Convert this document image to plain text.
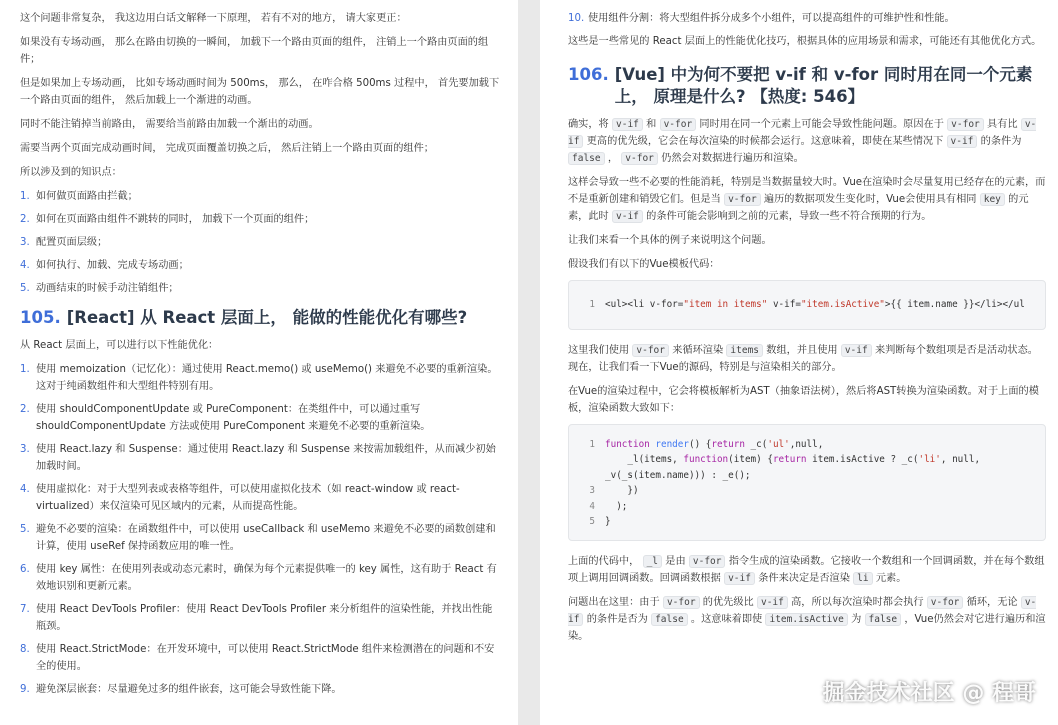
这个问题非常复杂， 我这边用白话文解释一下原理， 若有不对的地方， 请大家更正：

如果没有专场动画， 那么在路由切换的一瞬间， 加载下一个路由页面的组件， 注销上一个路由页面的组件；

但是如果加上专场动画， 比如专场动画时间为 500ms， 那么， 在咋合格 500ms 过程中， 首先要加载下一个路由页面的组件， 然后加载上一个渐进的动画。

同时不能注销掉当前路由， 需要给当前路由加载一个渐出的动画。

需要当两个页面完成动画时间， 完成页面覆盖切换之后， 然后注销上一个路由页面的组件；

所以涉及到的知识点：

1. 如何做页面路由拦截；
2. 如何在页面路由组件不跳转的同时， 加载下一个页面的组件；
3. 配置页面层级；
4. 如何执行、加载、完成专场动画；
5. 动画结束的时候手动注销组件；
105. [React] 从 React 层面上， 能做的性能优化有哪些?

从 React 层面上，可以进行以下性能优化：

1. 使用 memoization（记忆化）：通过使用 React.memo() 或 useMemo() 来避免不必要的重新渲染。这对于纯函数组件和大型组件特别有用。
2. 使用 shouldComponentUpdate 或 PureComponent：在类组件中，可以通过重写 shouldComponentUpdate 方法或使用 PureComponent 来避免不必要的重新渲染。
3. 使用 React.lazy 和 Suspense：通过使用 React.lazy 和 Suspense 来按需加载组件，从而减少初始加载时间。
4. 使用虚拟化：对于大型列表或表格等组件，可以使用虚拟化技术（如 react-window 或 react-virtualized）来仅渲染可见区域内的元素，从而提高性能。
5. 避免不必要的渲染：在函数组件中，可以使用 useCallback 和 useMemo 来避免不必要的函数创建和计算，使用 useRef 保持函数应用的唯一性。
6. 使用 key 属性：在使用列表或动态元素时，确保为每个元素提供唯一的 key 属性，这有助于 React 有效地识别和更新元素。
7. 使用 React DevTools Profiler：使用 React DevTools Profiler 来分析组件的渲染性能，并找出性能瓶颈。
8. 使用 React.StrictMode：在开发环境中，可以使用 React.StrictMode 组件来检测潜在的问题和不安全的使用。
9. 避免深层嵌套：尽量避免过多的组件嵌套，这可能会导致性能下降。
10. 使用组件分割：将大型组件拆分成多个小组件，可以提高组件的可维护性和性能。

这些是一些常见的 React 层面上的性能优化技巧，根据具体的应用场景和需求，可能还有其他优化方式。

106. [Vue] 中为何不要把 v-if 和 v-for 同时用在同一个元素上， 原理是什么? 【热度: 546】

确实，将 v-if 和 v-for 同时用在同一个元素上可能会导致性能问题。原因在于 v-for 具有比 v-if 更高的优先级，它会在每次渲染的时候都会运行。这意味着，即使在某些情况下 v-if 的条件为 false ， v-for 仍然会对数据进行遍历和渲染。

这样会导致一些不必要的性能消耗，特别是当数据量较大时。Vue在渲染时会尽量复用已经存在的元素，而不是重新创建和销毁它们。但是当 v-for 遍历的数据项发生变化时，Vue会使用具有相同 key 的元素，此时 v-if 的条件可能会影响到之前的元素，导致一些不符合预期的行为。

让我们来看一个具体的例子来说明这个问题。

假设我们有以下的Vue模板代码：

1 <ul><li v-for= "item in items" v-if= "item.isActive" >{{ item.name }}</li></ul

这里我们使用 v-for 来循环渲染 items 数组，并且使用 v-if 来判断每个数组项是否是活动状态。现在，让我们看一下Vue的源码，特别是与渲染相关的部分。

在Vue的渲染过程中，它会将模板解析为AST（抽象语法树），然后将AST转换为渲染函数。对于上面的模板，渲染函数大致如下：

1 function render () { return _c( 'ul' ,null,
_l(items, function (item) { return item.isActive ? _c( 'li' , null,
_v(_s(item.name))) : _e();
3 })
4 );
5 }

上面的代码中， _l 是由 v-for 指令生成的渲染函数。它接收一个数组和一个回调函数，并在每个数组项上调用回调函数。回调函数根据 v-if 条件来决定是否渲染 li 元素。

问题出在这里：由于 v-for 的优先级比 v-if 高，所以每次渲染时都会执行 v-for 循环，无论 v-if 的条件是否为 false 。这意味着即使 item.isActive 为 false ，Vue仍然会对它进行遍历和渲染。

掘金技术社区 @ 程哥
